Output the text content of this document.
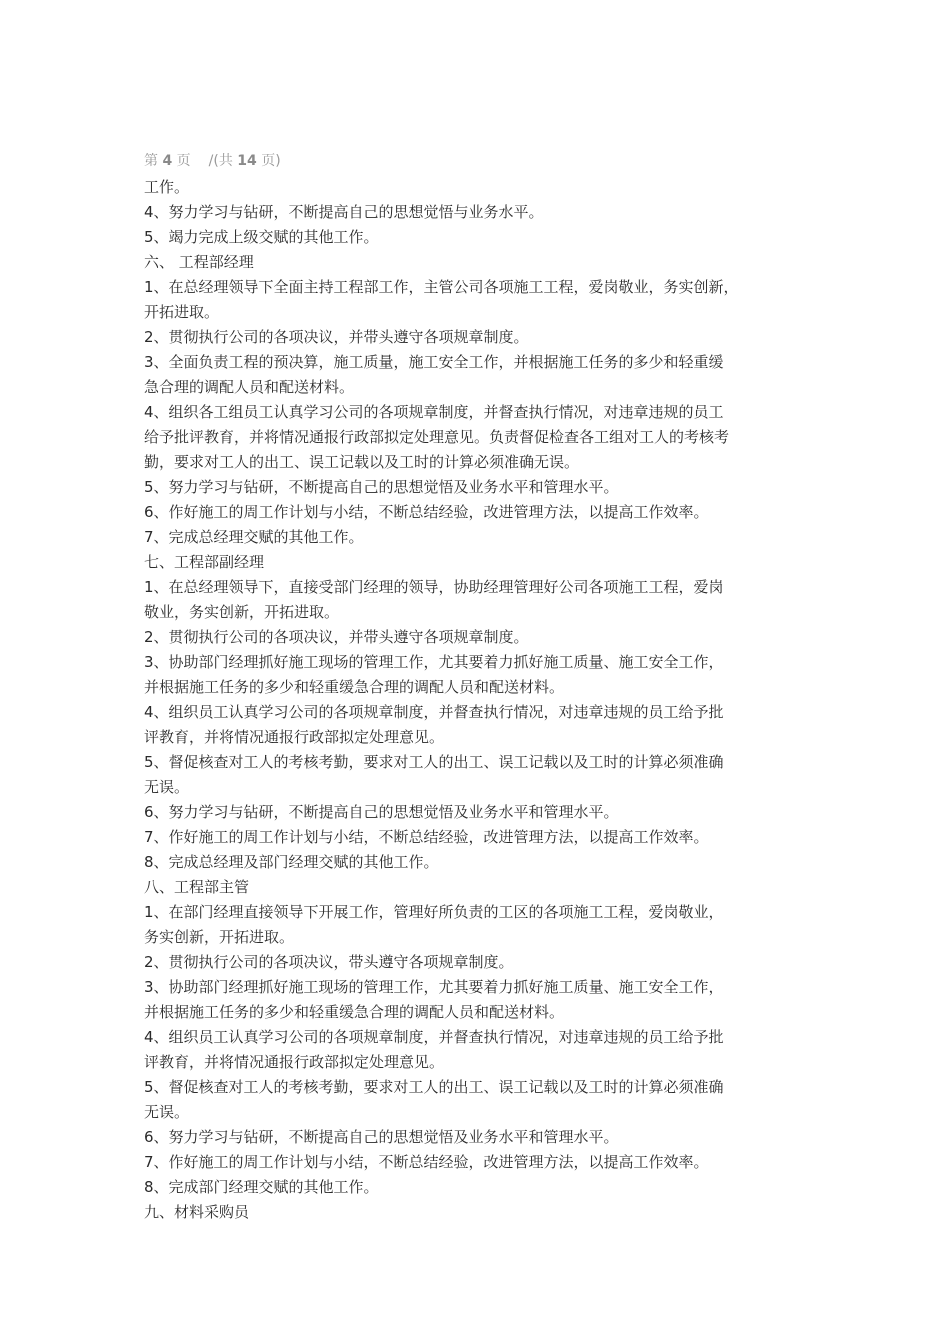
第 4 页 /(共 14 页)
工作。
4、努力学习与钻研，不断提高自己的思想觉悟与业务水平。
5、竭力完成上级交赋的其他工作。
六、 工程部经理
1、在总经理领导下全面主持工程部工作，主管公司各项施工工程，爱岗敬业，务实创新，
开拓进取。
2、贯彻执行公司的各项决议，并带头遵守各项规章制度。
3、全面负责工程的预决算，施工质量，施工安全工作，并根据施工任务的多少和轻重缓
急合理的调配人员和配送材料。
4、组织各工组员工认真学习公司的各项规章制度，并督查执行情况，对违章违规的员工
给予批评教育，并将情况通报行政部拟定处理意见。负责督促检查各工组对工人的考核考
勤，要求对工人的出工、误工记载以及工时的计算必须准确无误。
5、努力学习与钻研，不断提高自己的思想觉悟及业务水平和管理水平。
6、作好施工的周工作计划与小结，不断总结经验，改进管理方法，以提高工作效率。
7、完成总经理交赋的其他工作。
七、工程部副经理
1、在总经理领导下，直接受部门经理的领导，协助经理管理好公司各项施工工程，爱岗
敬业，务实创新，开拓进取。
2、贯彻执行公司的各项决议，并带头遵守各项规章制度。
3、协助部门经理抓好施工现场的管理工作，尤其要着力抓好施工质量、施工安全工作，
并根据施工任务的多少和轻重缓急合理的调配人员和配送材料。
4、组织员工认真学习公司的各项规章制度，并督查执行情况，对违章违规的员工给予批
评教育，并将情况通报行政部拟定处理意见。
5、督促核查对工人的考核考勤，要求对工人的出工、误工记载以及工时的计算必须准确
无误。
6、努力学习与钻研，不断提高自己的思想觉悟及业务水平和管理水平。
7、作好施工的周工作计划与小结，不断总结经验，改进管理方法，以提高工作效率。
8、完成总经理及部门经理交赋的其他工作。
八、工程部主管
1、在部门经理直接领导下开展工作，管理好所负责的工区的各项施工工程，爱岗敬业，
务实创新，开拓进取。
2、贯彻执行公司的各项决议，带头遵守各项规章制度。
3、协助部门经理抓好施工现场的管理工作，尤其要着力抓好施工质量、施工安全工作，
并根据施工任务的多少和轻重缓急合理的调配人员和配送材料。
4、组织员工认真学习公司的各项规章制度，并督查执行情况，对违章违规的员工给予批
评教育，并将情况通报行政部拟定处理意见。
5、督促核查对工人的考核考勤，要求对工人的出工、误工记载以及工时的计算必须准确
无误。
6、努力学习与钻研，不断提高自己的思想觉悟及业务水平和管理水平。
7、作好施工的周工作计划与小结，不断总结经验，改进管理方法，以提高工作效率。
8、完成部门经理交赋的其他工作。
九、材料采购员
